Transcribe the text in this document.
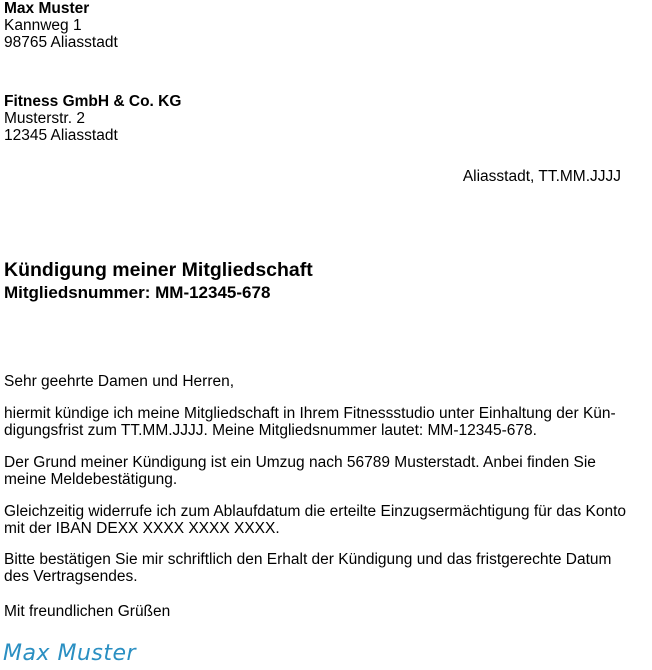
Max Muster
Kannweg 1
98765 Aliasstadt
Fitness GmbH & Co. KG
Musterstr. 2
12345 Aliasstadt
Aliasstadt, TT.MM.JJJJ
Kündigung meiner Mitgliedschaft
Mitgliedsnummer: MM-12345-678
Sehr geehrte Damen und Herren,
hiermit kündige ich meine Mitgliedschaft in Ihrem Fitnessstudio unter Einhaltung der Kün-
digungsfrist zum TT.MM.JJJJ. Meine Mitgliedsnummer lautet: MM-12345-678.
Der Grund meiner Kündigung ist ein Umzug nach 56789 Musterstadt. Anbei finden Sie
meine Meldebestätigung.
Gleichzeitig widerrufe ich zum Ablaufdatum die erteilte Einzugsermächtigung für das Konto
mit der IBAN DEXX XXXX XXXX XXXX.
Bitte bestätigen Sie mir schriftlich den Erhalt der Kündigung und das fristgerechte Datum
des Vertragsendes.
Mit freundlichen Grüßen
Max Muster
